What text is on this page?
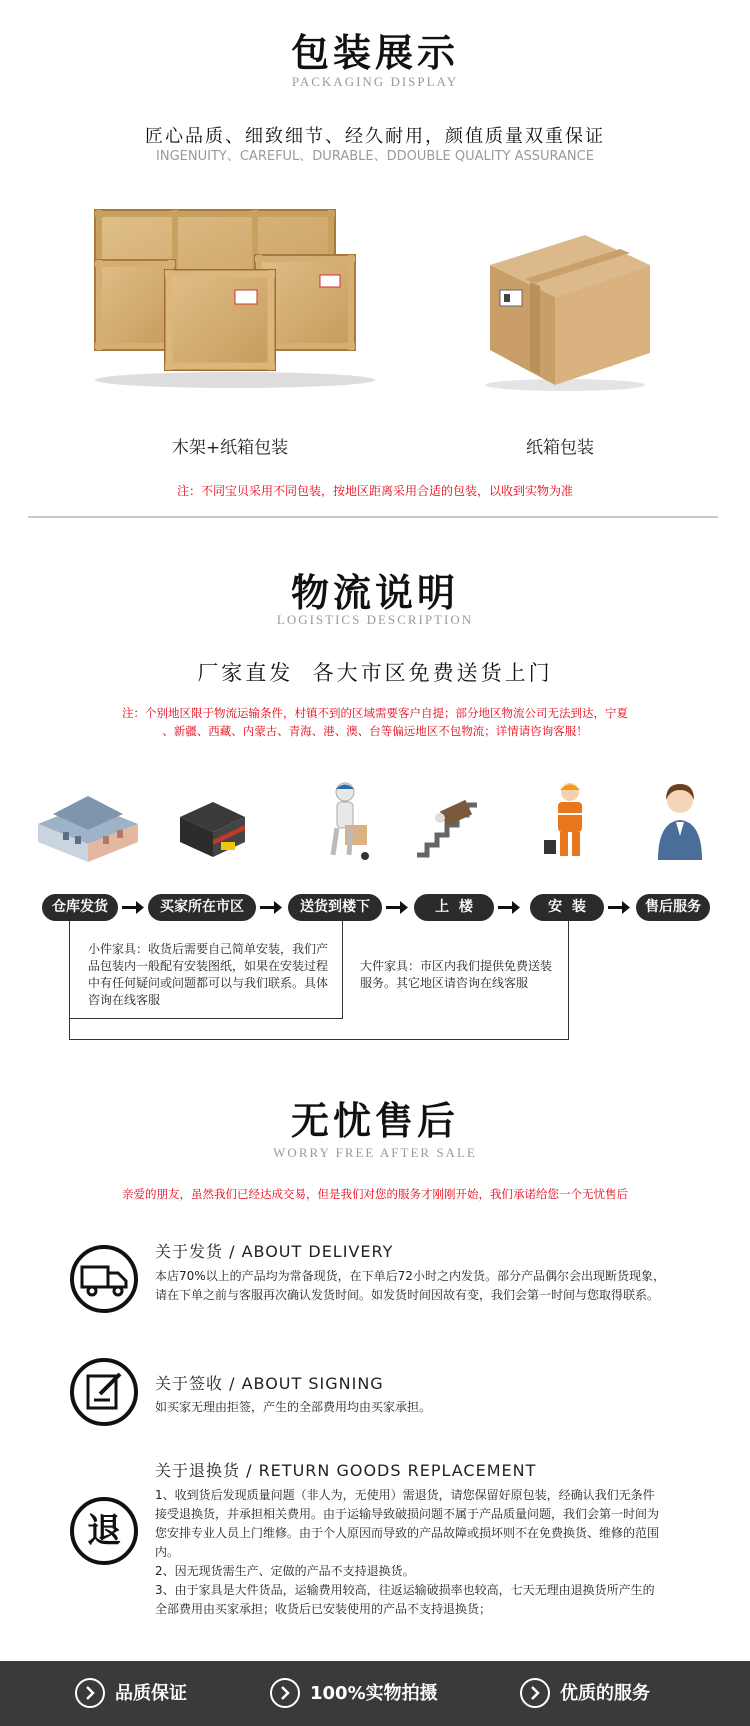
包装展示
PACKAGING DISPLAY
匠心品质、细致细节、经久耐用，颜值质量双重保证
INGENUITY、CAREFUL、DURABLE、DDOUBLE QUALITY ASSURANCE
木架+纸箱包装	纸箱包装
注：不同宝贝采用不同包装，按地区距离采用合适的包装，以收到实物为准
物流说明
LOGISTICS DESCRIPTION
厂家直发  各大市区免费送货上门
注：个别地区限于物流运输条件，村镇不到的区域需要客户自提；部分地区物流公司无法到达，宁夏
、新疆、西藏、内蒙古、青海、港、澳、台等偏远地区不包物流；详情请咨询客服！
仓库发货	买家所在市区	送货到楼下	上  楼	安  装	售后服务
小件家具：收货后需要自己简单安装，我们产品包装内一般配有安装图纸，如果在安装过程中有任何疑问或问题都可以与我们联系。具体咨询在线客服
大件家具：市区内我们提供免费送装服务。其它地区请咨询在线客服
无忧售后
WORRY FREE AFTER SALE
亲爱的朋友，虽然我们已经达成交易，但是我们对您的服务才刚刚开始，我们承诺给您一个无忧售后
关于发货 / ABOUT DELIVERY
本店70%以上的产品均为常备现货，在下单后72小时之内发货。部分产品偶尔会出现断货现象，
请在下单之前与客服再次确认发货时间。如发货时间因故有变，我们会第一时间与您取得联系。
关于签收 / ABOUT SIGNING
如买家无理由拒签，产生的全部费用均由买家承担。
退
关于退换货 / RETURN GOODS REPLACEMENT
1、收到货后发现质量问题（非人为，无使用）需退货，请您保留好原包装，经确认我们无条件
接受退换货，并承担相关费用。由于运输导致破损问题不属于产品质量问题，我们会第一时间为
您安排专业人员上门维修。由于个人原因而导致的产品故障或损坏则不在免费换货、维修的范围
内。
2、因无现货需生产、定做的产品不支持退换货。
3、由于家具是大件货品，运输费用较高，往返运输破损率也较高，七天无理由退换货所产生的
全部费用由买家承担；收货后已安装使用的产品不支持退换货；
品质保证	100%实物拍摄	优质的服务
